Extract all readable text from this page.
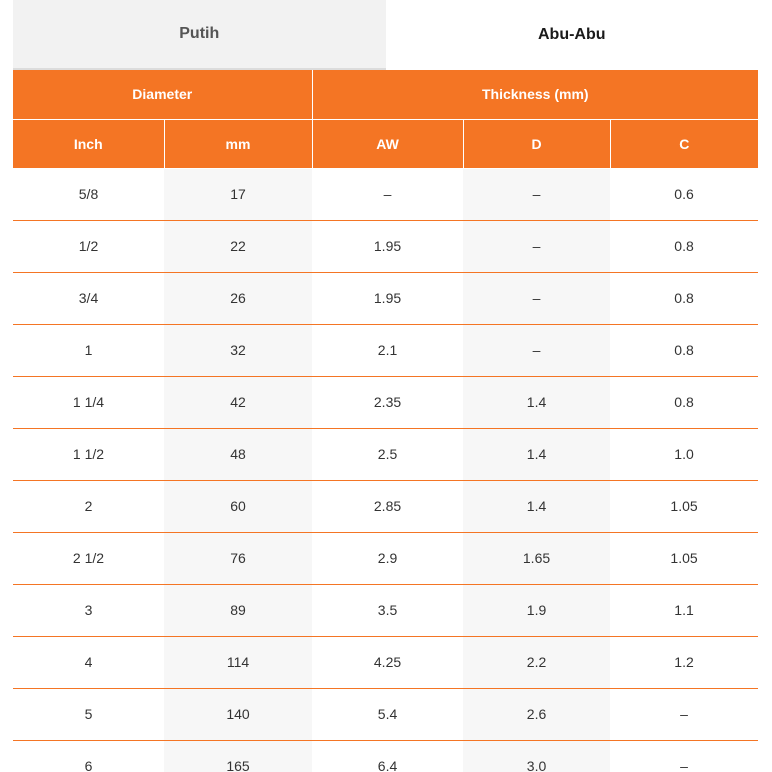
Putih	Abu-Abu
Diameter		Thickness (mm)		
Inch	mm	AW	D	C
5/8	17	–	–	0.6
1/2	22	1.95	–	0.8
3/4	26	1.95	–	0.8
1	32	2.1	–	0.8
1 1/4	42	2.35	1.4	0.8
1 1/2	48	2.5	1.4	1.0
2	60	2.85	1.4	1.05
2 1/2	76	2.9	1.65	1.05
3	89	3.5	1.9	1.1
4	114	4.25	2.2	1.2
5	140	5.4	2.6	–
6	165	6.4	3.0	–
